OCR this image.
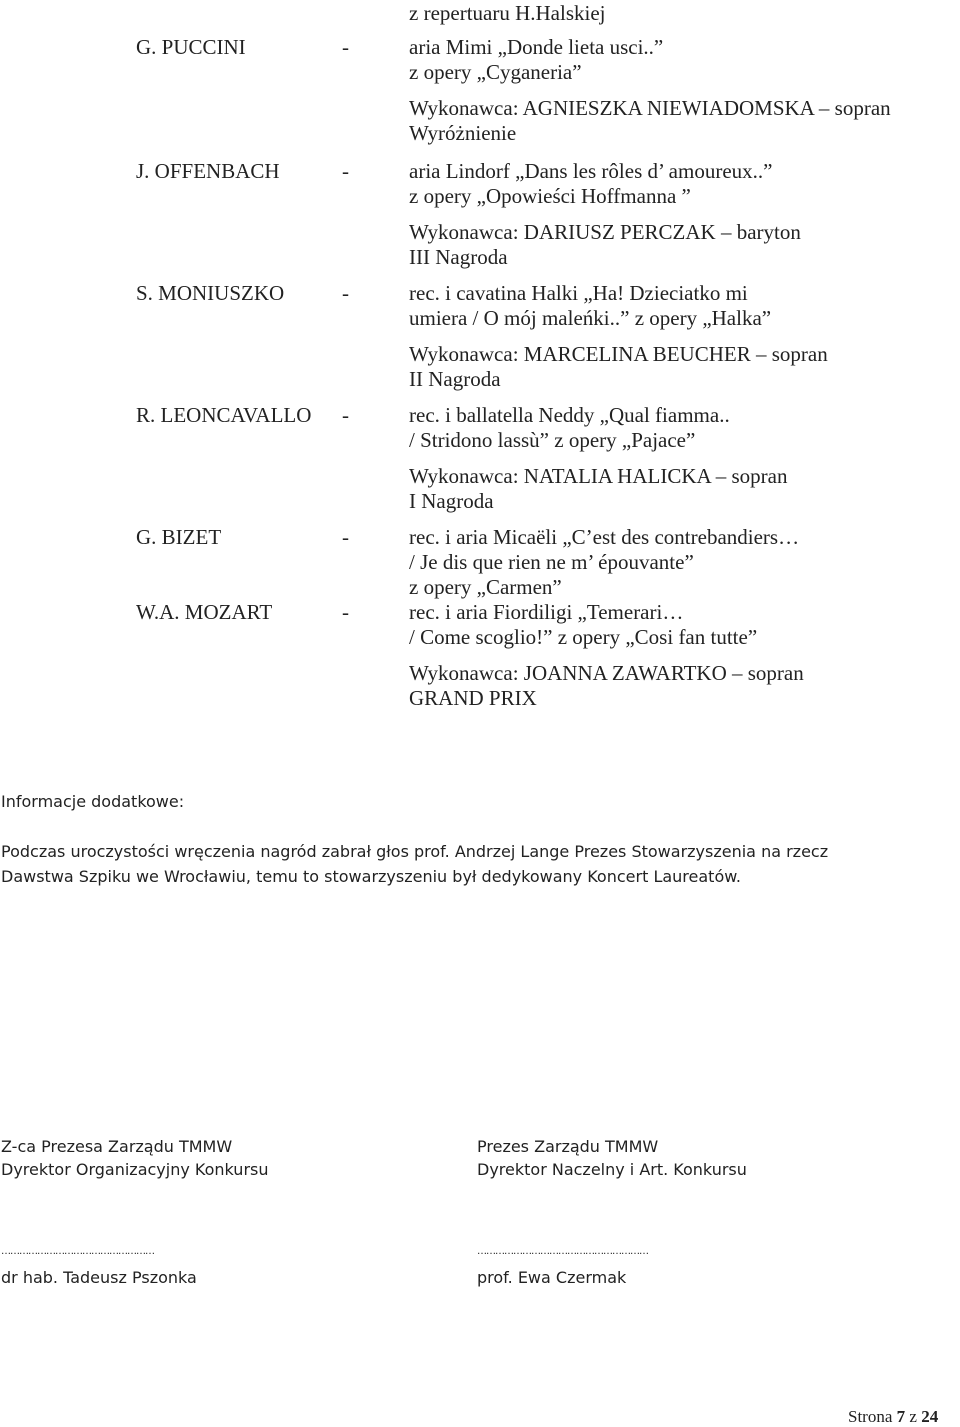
z repertuaru H.Halskiej
G. PUCCINI	-	aria Mimi „Donde lieta usci..”
z opery „Cyganeria”
Wykonawca: AGNIESZKA NIEWIADOMSKA – sopran
Wyróżnienie
J. OFFENBACH	-	aria Lindorf „Dans les rôles d’ amoureux..”
z opery „Opowieści Hoffmanna ”
Wykonawca: DARIUSZ PERCZAK – baryton
III Nagroda
S. MONIUSZKO	-	rec. i cavatina Halki „Ha! Dzieciatko mi
umiera / O mój maleńki..” z opery „Halka”
Wykonawca: MARCELINA BEUCHER – sopran
II Nagroda
R. LEONCAVALLO -	rec. i ballatella Neddy „Qual fiamma..
/ Stridono lassù” z opery „Pajace”
Wykonawca: NATALIA HALICKA – sopran
I Nagroda
G. BIZET	-	rec. i aria Micaëli „C’est des contrebandiers…
/ Je dis que rien ne m’ épouvante”
z opery „Carmen”
W.A. MOZART	-	rec. i aria Fiordiligi „Temerari…
/ Come scoglio!” z opery „Cosi fan tutte”
Wykonawca: JOANNA ZAWARTKO – sopran
GRAND PRIX
Informacje dodatkowe:
Podczas uroczystości wręczenia nagród zabrał głos prof. Andrzej Lange Prezes Stowarzyszenia na rzecz
Dawstwa Szpiku we Wrocławiu, temu to stowarzyszeniu był dedykowany Koncert Laureatów.
Z-ca Prezesa Zarządu TMMW
Dyrektor Organizacyjny Konkursu
……………………………………………
dr hab. Tadeusz Pszonka
Prezes Zarządu TMMW
Dyrektor Naczelny i Art. Konkursu
…………………………………………………
prof. Ewa Czermak
Strona 7 z 24
